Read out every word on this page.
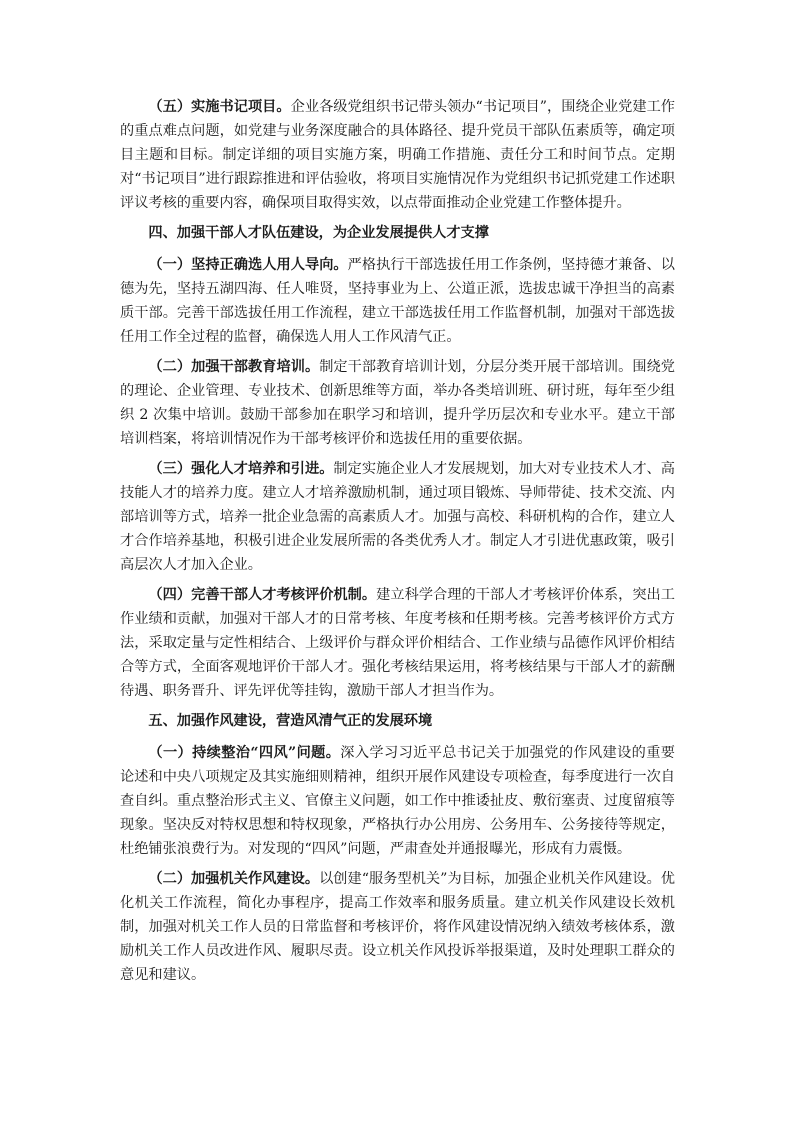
（五）实施书记项目。企业各级党组织书记带头领办“书记项目”，围绕企业党建工作的重点难点问题，如党建与业务深度融合的具体路径、提升党员干部队伍素质等，确定项目主题和目标。制定详细的项目实施方案，明确工作措施、责任分工和时间节点。定期对“书记项目”进行跟踪推进和评估验收，将项目实施情况作为党组织书记抓党建工作述职评议考核的重要内容，确保项目取得实效，以点带面推动企业党建工作整体提升。

四、加强干部人才队伍建设，为企业发展提供人才支撑

（一）坚持正确选人用人导向。严格执行干部选拔任用工作条例，坚持德才兼备、以德为先，坚持五湖四海、任人唯贤，坚持事业为上、公道正派，选拔忠诚干净担当的高素质干部。完善干部选拔任用工作流程，建立干部选拔任用工作监督机制，加强对干部选拔任用工作全过程的监督，确保选人用人工作风清气正。

（二）加强干部教育培训。制定干部教育培训计划，分层分类开展干部培训。围绕党的理论、企业管理、专业技术、创新思维等方面，举办各类培训班、研讨班，每年至少组织 2 次集中培训。鼓励干部参加在职学习和培训，提升学历层次和专业水平。建立干部培训档案，将培训情况作为干部考核评价和选拔任用的重要依据。

（三）强化人才培养和引进。制定实施企业人才发展规划，加大对专业技术人才、高技能人才的培养力度。建立人才培养激励机制，通过项目锻炼、导师带徒、技术交流、内部培训等方式，培养一批企业急需的高素质人才。加强与高校、科研机构的合作，建立人才合作培养基地，积极引进企业发展所需的各类优秀人才。制定人才引进优惠政策，吸引高层次人才加入企业。

（四）完善干部人才考核评价机制。建立科学合理的干部人才考核评价体系，突出工作业绩和贡献，加强对干部人才的日常考核、年度考核和任期考核。完善考核评价方式方法，采取定量与定性相结合、上级评价与群众评价相结合、工作业绩与品德作风评价相结合等方式，全面客观地评价干部人才。强化考核结果运用，将考核结果与干部人才的薪酬待遇、职务晋升、评先评优等挂钩，激励干部人才担当作为。

五、加强作风建设，营造风清气正的发展环境

（一）持续整治“四风”问题。深入学习习近平总书记关于加强党的作风建设的重要论述和中央八项规定及其实施细则精神，组织开展作风建设专项检查，每季度进行一次自查自纠。重点整治形式主义、官僚主义问题，如工作中推诿扯皮、敷衍塞责、过度留痕等现象。坚决反对特权思想和特权现象，严格执行办公用房、公务用车、公务接待等规定，杜绝铺张浪费行为。对发现的“四风”问题，严肃查处并通报曝光，形成有力震慑。

（二）加强机关作风建设。以创建“服务型机关”为目标，加强企业机关作风建设。优化机关工作流程，简化办事程序，提高工作效率和服务质量。建立机关作风建设长效机制，加强对机关工作人员的日常监督和考核评价，将作风建设情况纳入绩效考核体系，激励机关工作人员改进作风、履职尽责。设立机关作风投诉举报渠道，及时处理职工群众的意见和建议。
